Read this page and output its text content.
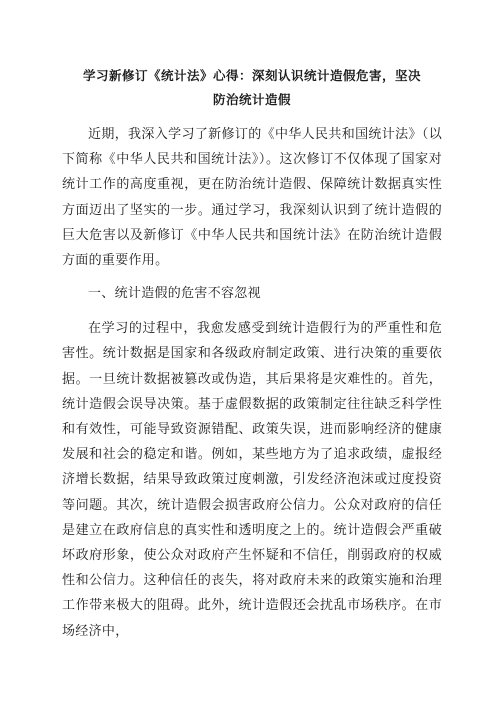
学习新修订《统计法》心得：深刻认识统计造假危害，坚决
防治统计造假

近期，我深入学习了新修订的《中华人民共和国统计法》（以下简称《中华人民共和国统计法》）。这次修订不仅体现了国家对统计工作的高度重视，更在防治统计造假、保障统计数据真实性方面迈出了坚实的一步。通过学习，我深刻认识到了统计造假的巨大危害以及新修订《中华人民共和国统计法》在防治统计造假方面的重要作用。

一、统计造假的危害不容忽视

在学习的过程中，我愈发感受到统计造假行为的严重性和危害性。统计数据是国家和各级政府制定政策、进行决策的重要依据。一旦统计数据被篡改或伪造，其后果将是灾难性的。首先，统计造假会误导决策。基于虚假数据的政策制定往往缺乏科学性和有效性，可能导致资源错配、政策失误，进而影响经济的健康发展和社会的稳定和谐。例如，某些地方为了追求政绩，虚报经济增长数据，结果导致政策过度刺激，引发经济泡沫或过度投资等问题。其次，统计造假会损害政府公信力。公众对政府的信任是建立在政府信息的真实性和透明度之上的。统计造假会严重破坏政府形象，使公众对政府产生怀疑和不信任，削弱政府的权威性和公信力。这种信任的丧失，将对政府未来的政策实施和治理工作带来极大的阻碍。此外，统计造假还会扰乱市场秩序。在市场经济中，
